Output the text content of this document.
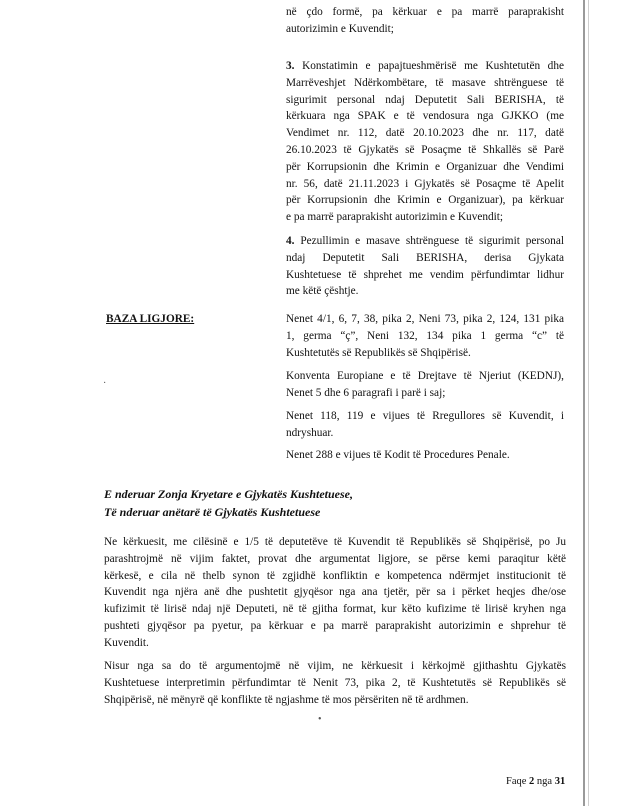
në çdo formë, pa kërkuar e pa marrë paraprakisht
autorizimin e Kuvendit;
3. Konstatimin e papajtueshmërisë me Kushtetutën dhe
Marrëveshjet Ndërkombëtare, të masave shtrënguese të
sigurimit personal ndaj Deputetit Sali BERISHA, të
kërkuara nga SPAK e të vendosura nga GJKKO (me
Vendimet nr. 112, datë 20.10.2023 dhe nr. 117, datë
26.10.2023 të Gjykatës së Posaçme të Shkallës së Parë
për Korrupsionin dhe Krimin e Organizuar dhe Vendimi
nr. 56, datë 21.11.2023 i Gjykatës së Posaçme të Apelit
për Korrupsionin dhe Krimin e Organizuar), pa kërkuar
e pa marrë paraprakisht autorizimin e Kuvendit;
4. Pezullimin e masave shtrënguese të sigurimit personal
ndaj Deputetit Sali BERISHA, derisa Gjykata
Kushtetuese të shprehet me vendim përfundimtar lidhur
me këtë çështje.
BAZA LIGJORE:	Nenet 4/1, 6, 7, 38, pika 2, Neni 73, pika 2, 124, 131 pika
1, germa “ç”, Neni 132, 134 pika 1 germa “c” të
Kushtetutës së Republikës së Shqipërisë.
Konventa Europiane e të Drejtave të Njeriut (KEDNJ),
Nenet 5 dhe 6 paragrafi i parë i saj;
Nenet 118, 119 e vijues të Rregullores së Kuvendit, i
ndryshuar.
Nenet 288 e vijues të Kodit të Procedures Penale.
·
E nderuar Zonja Kryetare e Gjykatës Kushtetuese,
Të nderuar anëtarë të Gjykatës Kushtetuese
Ne kërkuesit, me cilësinë e 1/5 të deputetëve të Kuvendit të Republikës së Shqipërisë, po Ju
parashtrojmë në vijim faktet, provat dhe argumentat ligjore, se përse kemi paraqitur këtë
kërkesë, e cila në thelb synon të zgjidhë konfliktin e kompetenca ndërmjet institucionit të
Kuvendit nga njëra anë dhe pushtetit gjyqësor nga ana tjetër, për sa i përket heqjes dhe/ose
kufizimit të lirisë ndaj një Deputeti, në të gjitha format, kur këto kufizime të lirisë kryhen nga
pushteti gjyqësor pa pyetur, pa kërkuar e pa marrë paraprakisht autorizimin e shprehur të
Kuvendit.
Nisur nga sa do të argumentojmë në vijim, ne kërkuesit i kërkojmë gjithashtu Gjykatës
Kushtetuese interpretimin përfundimtar të Nenit 73, pika 2, të Kushtetutës së Republikës së
Shqipërisë, në mënyrë që konflikte të ngjashme të mos përsëriten në të ardhmen.
•
Faqe 2 nga 31
